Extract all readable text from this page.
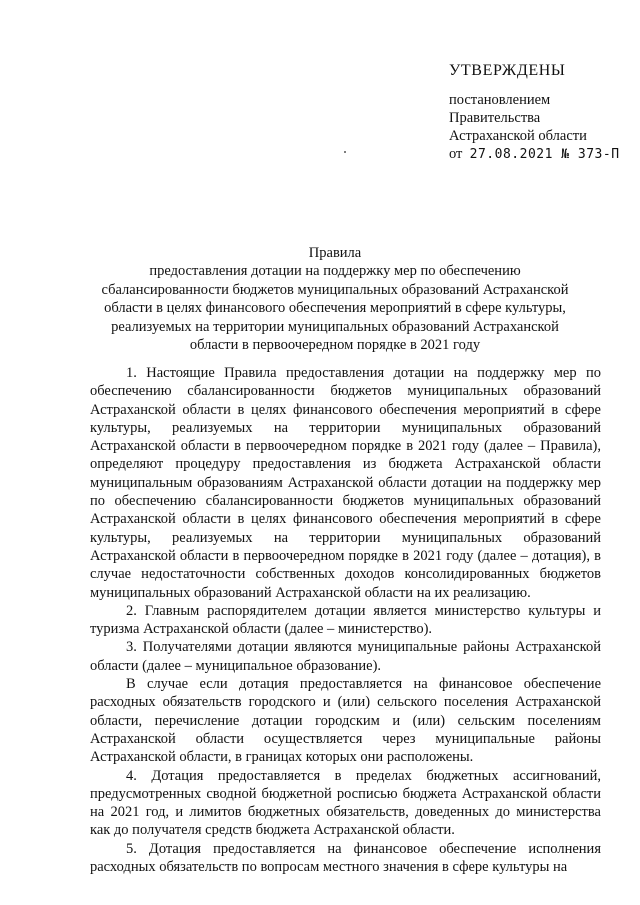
УТВЕРЖДЕНЫ
постановлением
Правительства
Астраханской области
от 27.08.2021 № 373-П
Правила
предоставления дотации на поддержку мер по обеспечению
сбалансированности бюджетов муниципальных образований Астраханской
области в целях финансового обеспечения мероприятий в сфере культуры,
реализуемых на территории муниципальных образований Астраханской
области в первоочередном порядке в 2021 году

1. Настоящие Правила предоставления дотации на поддержку мер по обеспечению сбалансированности бюджетов муниципальных образований Астраханской области в целях финансового обеспечения мероприятий в сфере культуры, реализуемых на территории муниципальных образований Астраханской области в первоочередном порядке в 2021 году (далее – Правила), определяют процедуру предоставления из бюджета Астраханской области муниципальным образованиям Астраханской области дотации на поддержку мер по обеспечению сбалансированности бюджетов муниципальных образований Астраханской области в целях финансового обеспечения мероприятий в сфере культуры, реализуемых на территории муниципальных образований Астраханской области в первоочередном порядке в 2021 году (далее – дотация), в случае недостаточности собственных доходов консолидированных бюджетов муниципальных образований Астраханской области на их реализацию.

2. Главным распорядителем дотации является министерство культуры и туризма Астраханской области (далее – министерство).

3. Получателями дотации являются муниципальные районы Астраханской области (далее – муниципальное образование).

В случае если дотация предоставляется на финансовое обеспечение расходных обязательств городского и (или) сельского поселения Астраханской области, перечисление дотации городским и (или) сельским поселениям Астраханской области осуществляется через муниципальные районы Астраханской области, в границах которых они расположены.

4. Дотация предоставляется в пределах бюджетных ассигнований, предусмотренных сводной бюджетной росписью бюджета Астраханской области на 2021 год, и лимитов бюджетных обязательств, доведенных до министерства как до получателя средств бюджета Астраханской области.

5. Дотация предоставляется на финансовое обеспечение исполнения расходных обязательств по вопросам местного значения в сфере культуры на
